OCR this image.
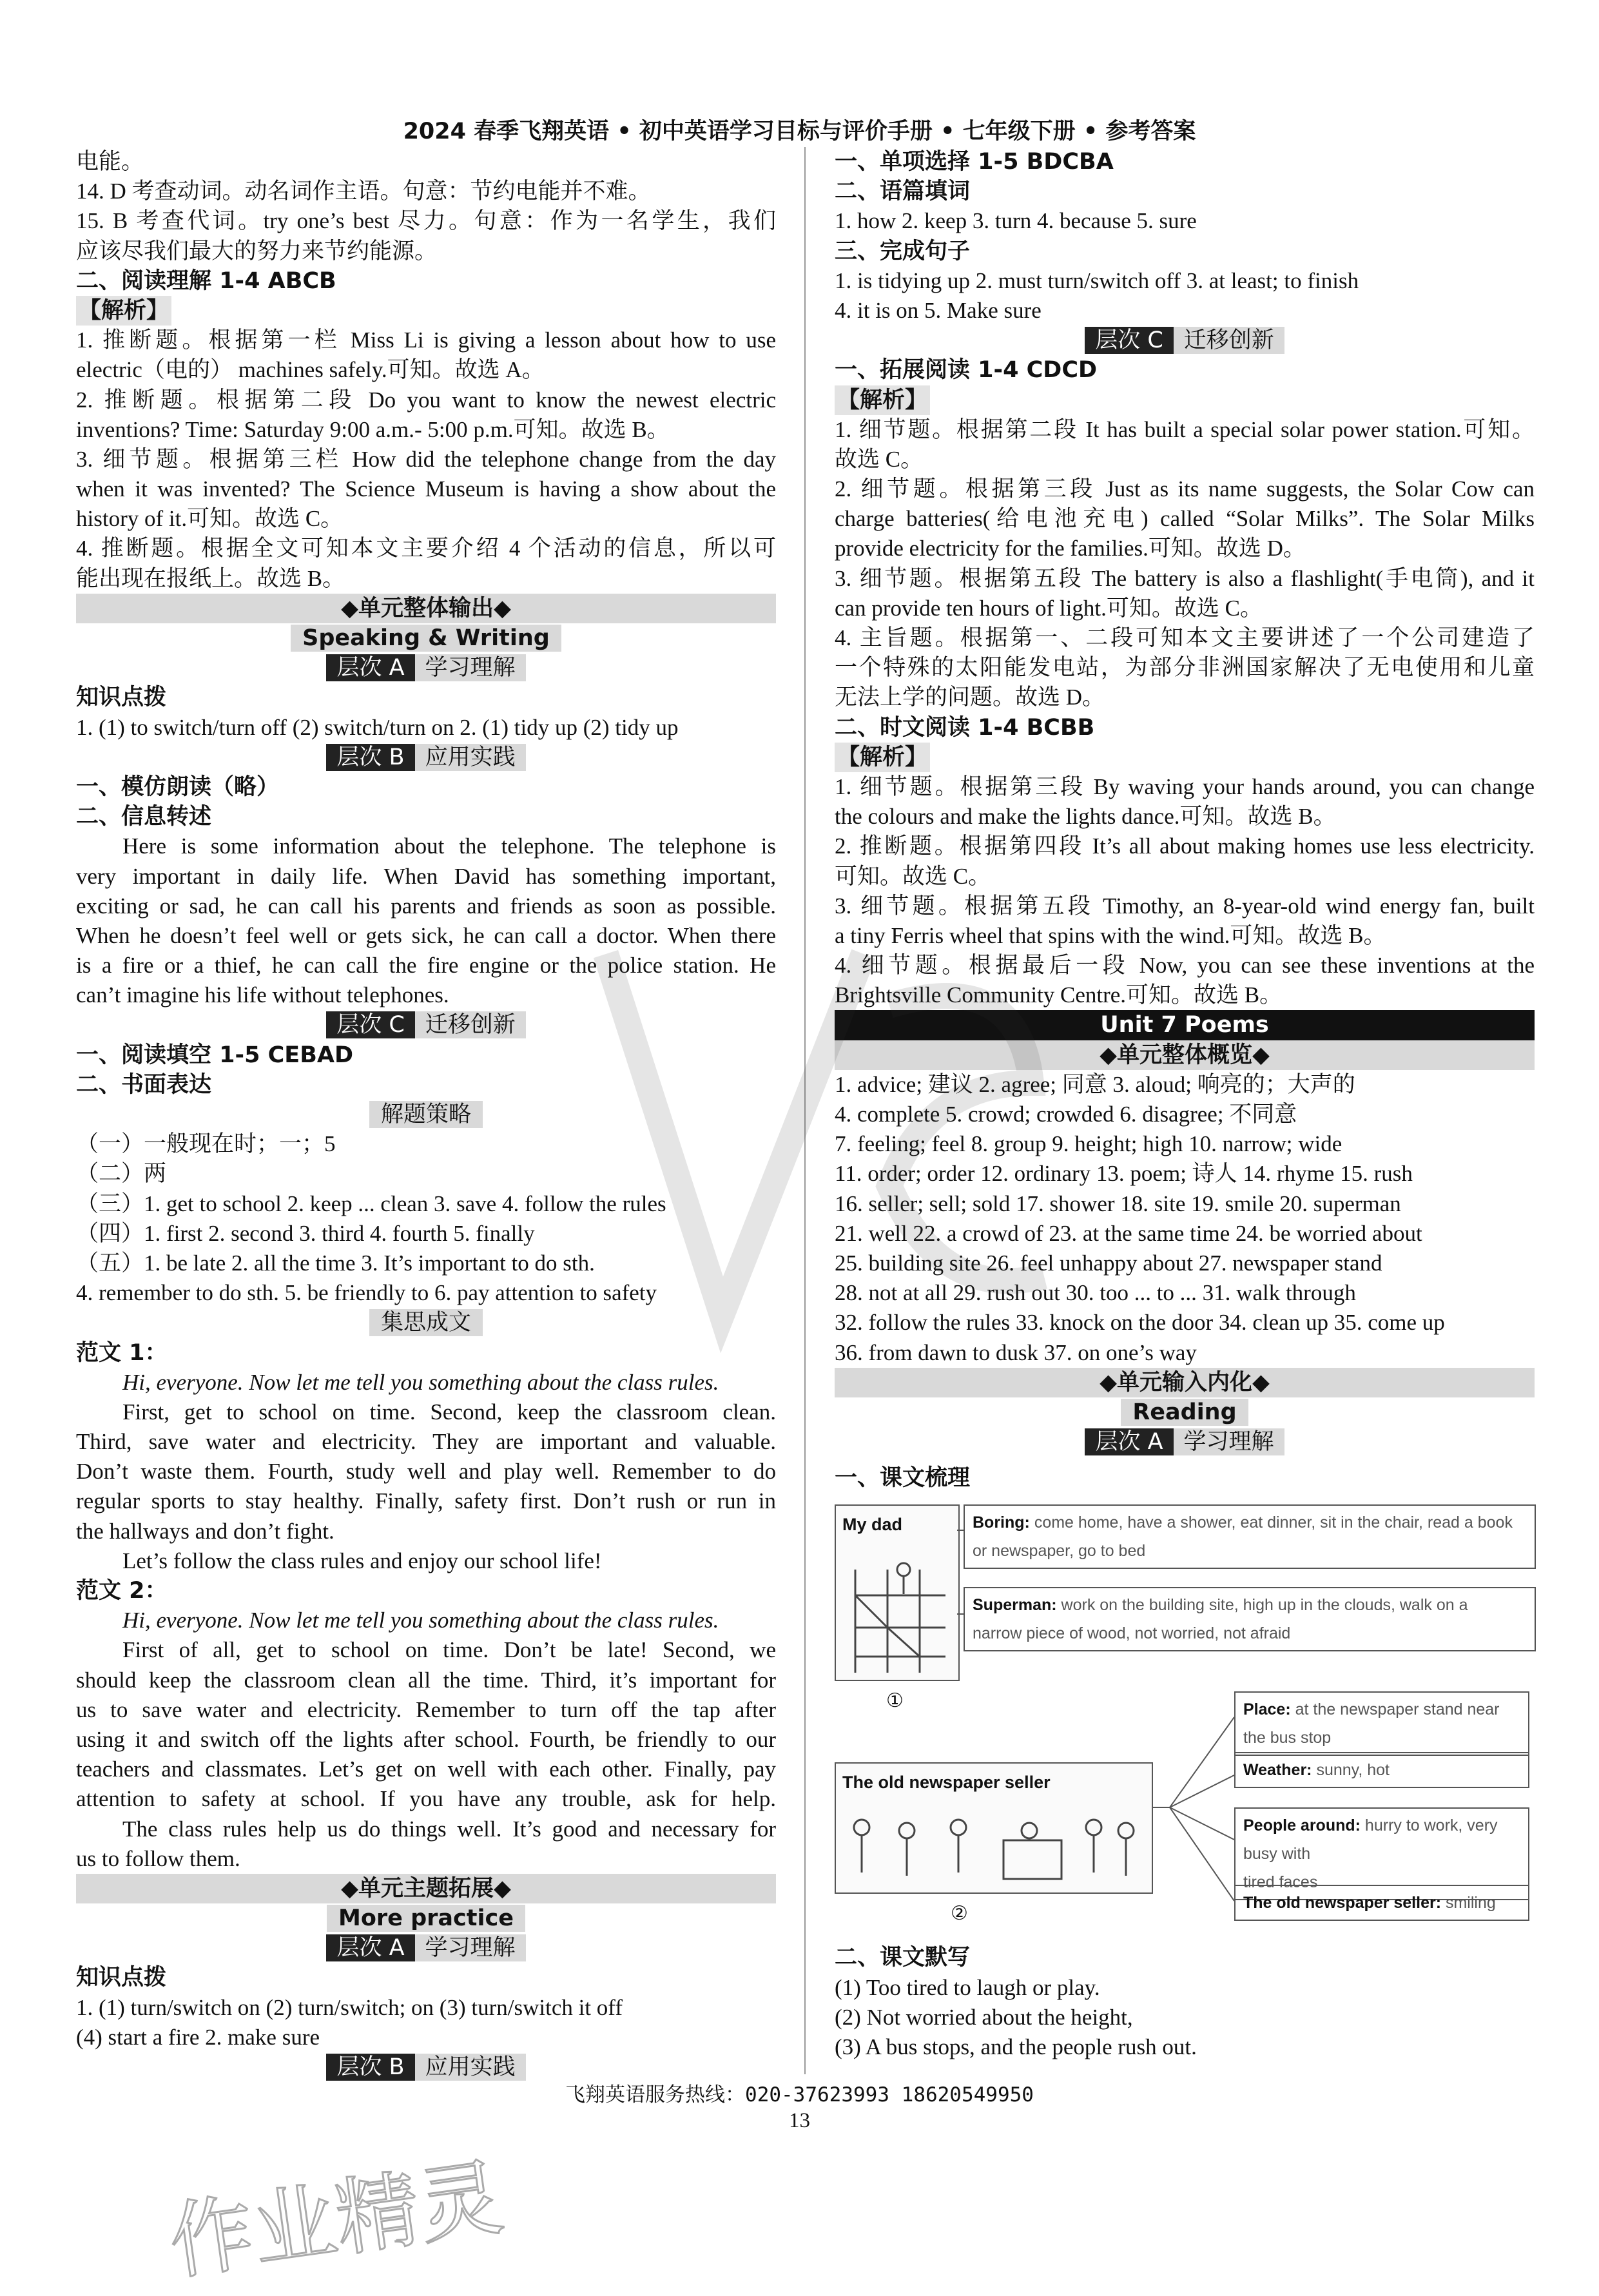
2024 春季飞翔英语 • 初中英语学习目标与评价手册 • 七年级下册 • 参考答案
电能。
14. D 考查动词。动名词作主语。句意：节约电能并不难。
15. B 考查代词。try one’s best 尽力。句意：作为一名学生，我们
应该尽我们最大的努力来节约能源。
二、阅读理解 1-4 ABCB
【解析】
1. 推断题。根据第一栏 Miss Li is giving a lesson about how to use
electric（电的） machines safely.可知。故选 A。
2. 推断题。根据第二段 Do you want to know the newest electric
inventions? Time: Saturday 9:00 a.m.- 5:00 p.m.可知。故选 B。
3. 细节题。根据第三栏 How did the telephone change from the day
when it was invented? The Science Museum is having a show about the
history of it.可知。故选 C。
4. 推断题。根据全文可知本文主要介绍 4 个活动的信息，所以可
能出现在报纸上。故选 B。
◆单元整体输出◆
Speaking & Writing
层次 A 学习理解
知识点拨
1. (1) to switch/turn off (2) switch/turn on 2. (1) tidy up (2) tidy up
层次 B 应用实践
一、模仿朗读（略）
二、信息转述
Here is some information about the telephone. The telephone is
very important in daily life. When David has something important,
exciting or sad, he can call his parents and friends as soon as possible.
When he doesn’t feel well or gets sick, he can call a doctor. When there
is a fire or a thief, he can call the fire engine or the police station. He
can’t imagine his life without telephones.
层次 C 迁移创新
一、阅读填空 1-5 CEBAD
二、书面表达
解题策略
（一）一般现在时；一；5
（二）两
（三）1. get to school 2. keep ... clean 3. save 4. follow the rules
（四）1. first 2. second 3. third 4. fourth 5. finally
（五）1. be late 2. all the time 3. It’s important to do sth.
4. remember to do sth. 5. be friendly to 6. pay attention to safety
集思成文
范文 1：
Hi, everyone. Now let me tell you something about the class rules.
First, get to school on time. Second, keep the classroom clean.
Third, save water and electricity. They are important and valuable.
Don’t waste them. Fourth, study well and play well. Remember to do
regular sports to stay healthy. Finally, safety first. Don’t rush or run in
the hallways and don’t fight.
Let’s follow the class rules and enjoy our school life!
范文 2：
Hi, everyone. Now let me tell you something about the class rules.
First of all, get to school on time. Don’t be late! Second, we
should keep the classroom clean all the time. Third, it’s important for
us to save water and electricity. Remember to turn off the tap after
using it and switch off the lights after school. Fourth, be friendly to our
teachers and classmates. Let’s get on well with each other. Finally, pay
attention to safety at school. If you have any trouble, ask for help.
The class rules help us do things well. It’s good and necessary for
us to follow them.
◆单元主题拓展◆
More practice
层次 A 学习理解
知识点拨
1. (1) turn/switch on (2) turn/switch; on (3) turn/switch it off
(4) start a fire 2. make sure
层次 B 应用实践
一、单项选择 1-5 BDCBA
二、语篇填词
1. how 2. keep 3. turn 4. because 5. sure
三、完成句子
1. is tidying up 2. must turn/switch off 3. at least; to finish
4. it is on 5. Make sure
层次 C 迁移创新
一、拓展阅读 1-4 CDCD
【解析】
1. 细节题。根据第二段 It has built a special solar power station.可知。
故选 C。
2. 细节题。根据第三段 Just as its name suggests, the Solar Cow can
charge batteries(给电池充电) called “Solar Milks”. The Solar Milks
provide electricity for the families.可知。故选 D。
3. 细节题。根据第五段 The battery is also a flashlight(手电筒), and it
can provide ten hours of light.可知。故选 C。
4. 主旨题。根据第一、二段可知本文主要讲述了一个公司建造了
一个特殊的太阳能发电站，为部分非洲国家解决了无电使用和儿童
无法上学的问题。故选 D。
二、时文阅读 1-4 BCBB
【解析】
1. 细节题。根据第三段 By waving your hands around, you can change
the colours and make the lights dance.可知。故选 B。
2. 推断题。根据第四段 It’s all about making homes use less electricity.
可知。故选 C。
3. 细节题。根据第五段 Timothy, an 8-year-old wind energy fan, built
a tiny Ferris wheel that spins with the wind.可知。故选 B。
4. 细节题。根据最后一段 Now, you can see these inventions at the
Brightsville Community Centre.可知。故选 B。
Unit 7 Poems
◆单元整体概览◆
1. advice; 建议 2. agree; 同意 3. aloud; 响亮的；大声的
4. complete 5. crowd; crowded 6. disagree; 不同意
7. feeling; feel 8. group 9. height; high 10. narrow; wide
11. order; order 12. ordinary 13. poem; 诗人 14. rhyme 15. rush
16. seller; sell; sold 17. shower 18. site 19. smile 20. superman
21. well 22. a crowd of 23. at the same time 24. be worried about
25. building site 26. feel unhappy about 27. newspaper stand
28. not at all 29. rush out 30. too ... to ... 31. walk through
32. follow the rules 33. knock on the door 34. clean up 35. come up
36. from dawn to dusk 37. on one’s way
◆单元输入内化◆
Reading
层次 A 学习理解
一、课文梳理
My dad
①
Boring: come home, have a shower, eat dinner, sit in the chair, read a book
or newspaper, go to bed
Superman: work on the building site, high up in the clouds, walk on a
narrow piece of wood, not worried, not afraid
The old newspaper seller
②
Place: at the newspaper stand near the bus stop
Weather: sunny, hot
People around: hurry to work, very busy with
tired faces
The old newspaper seller: smiling
二、课文默写
(1) Too tired to laugh or play.
(2) Not worried about the height,
(3) A bus stops, and the people rush out.
飞翔英语服务热线：020-37623993 18620549950
13
作业精灵
